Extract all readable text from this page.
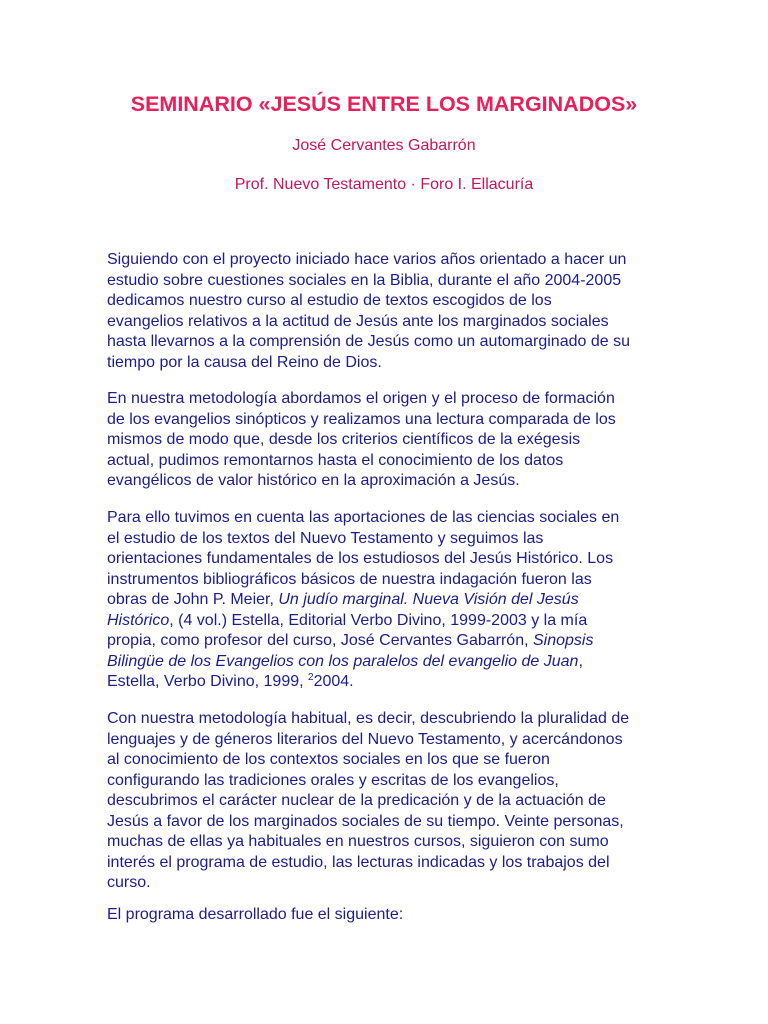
SEMINARIO «JESÚS ENTRE LOS MARGINADOS»
José Cervantes Gabarrón
Prof. Nuevo Testamento · Foro I. Ellacuría
Siguiendo con el proyecto iniciado hace varios años orientado a hacer un
estudio sobre cuestiones sociales en la Biblia, durante el año 2004-2005
dedicamos nuestro curso al estudio de textos escogidos de los
evangelios relativos a la actitud de Jesús ante los marginados sociales
hasta llevarnos a la comprensión de Jesús como un automarginado de su
tiempo por la causa del Reino de Dios.
En nuestra metodología abordamos el origen y el proceso de formación
de los evangelios sinópticos y realizamos una lectura comparada de los
mismos de modo que, desde los criterios científicos de la exégesis
actual, pudimos remontarnos hasta el conocimiento de los datos
evangélicos de valor histórico en la aproximación a Jesús.
Para ello tuvimos en cuenta las aportaciones de las ciencias sociales en
el estudio de los textos del Nuevo Testamento y seguimos las
orientaciones fundamentales de los estudiosos del Jesús Histórico. Los
instrumentos bibliográficos básicos de nuestra indagación fueron las
obras de John P. Meier, Un judío marginal. Nueva Visión del Jesús
Histórico, (4 vol.) Estella, Editorial Verbo Divino, 1999-2003 y la mía
propia, como profesor del curso, José Cervantes Gabarrón, Sinopsis
Bilingüe de los Evangelios con los paralelos del evangelio de Juan,
Estella, Verbo Divino, 1999, $^2$2004.
Con nuestra metodología habitual, es decir, descubriendo la pluralidad de
lenguajes y de géneros literarios del Nuevo Testamento, y acercándonos
al conocimiento de los contextos sociales en los que se fueron
configurando las tradiciones orales y escritas de los evangelios,
descubrimos el carácter nuclear de la predicación y de la actuación de
Jesús a favor de los marginados sociales de su tiempo. Veinte personas,
muchas de ellas ya habituales en nuestros cursos, siguieron con sumo
interés el programa de estudio, las lecturas indicadas y los trabajos del
curso.
El programa desarrollado fue el siguiente:
